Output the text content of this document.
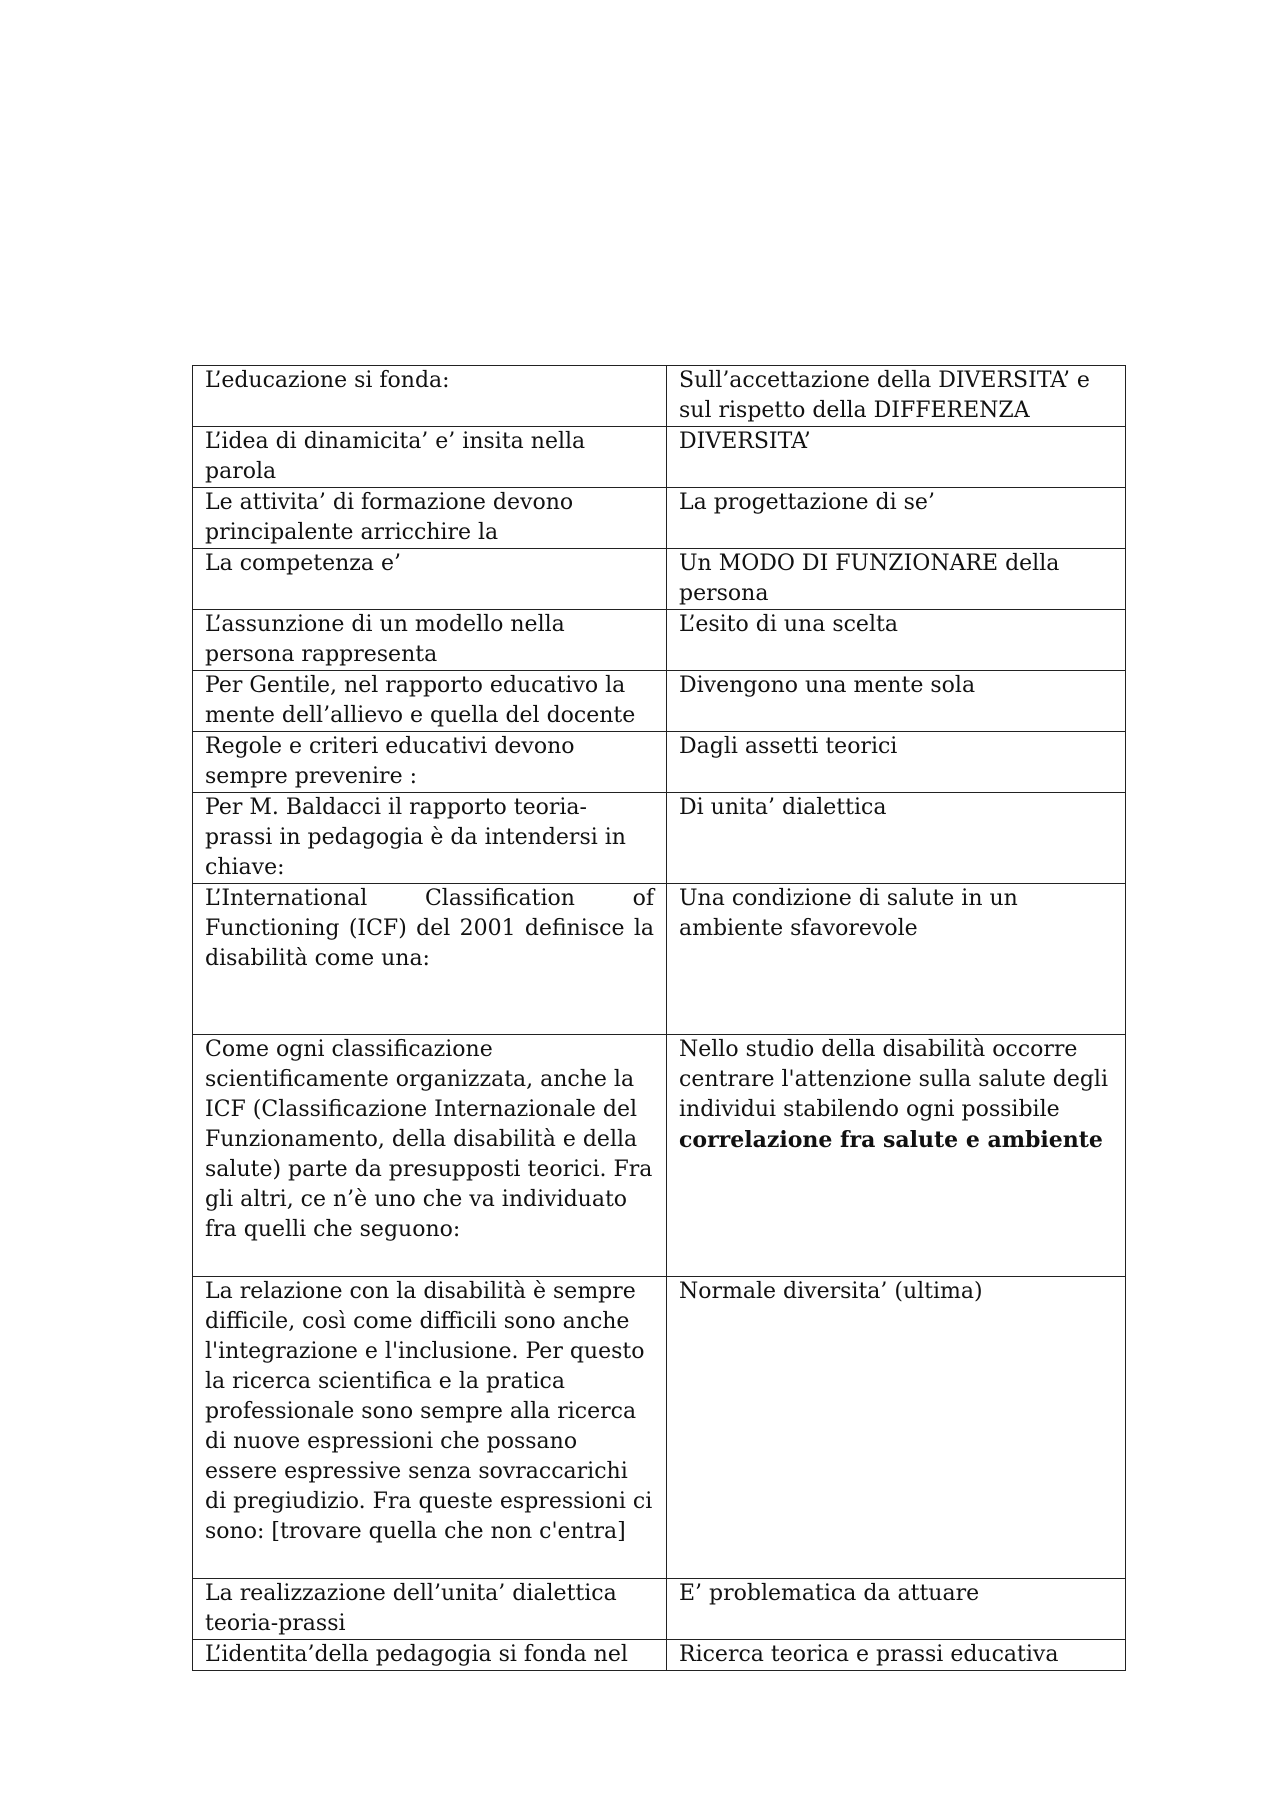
L’educazione si fonda:	Sull’accettazione della DIVERSITA’ e sul rispetto della DIFFERENZA
L’idea di dinamicita’ e’ insita nella parola	DIVERSITA’
Le attivita’ di formazione devono principalente arricchire la	La progettazione di se’
La competenza e’	Un MODO DI FUNZIONARE della persona
L’assunzione di un modello nella persona rappresenta	L’esito di una scelta
Per Gentile, nel rapporto educativo la mente dell’allievo e quella del docente	Divengono una mente sola
Regole e criteri educativi devono sempre prevenire :	Dagli assetti teorici
Per M. Baldacci il rapporto teoria-prassi in pedagogia è da intendersi in chiave:	Di unita’ dialettica
L’International Classification of Functioning (ICF) del 2001 definisce la disabilità come una:	Una condizione di salute in un ambiente sfavorevole
Come ogni classificazione scientificamente organizzata, anche la ICF (Classificazione Internazionale del Funzionamento, della disabilità e della salute) parte da presupposti teorici. Fra gli altri, ce n’è uno che va individuato fra quelli che seguono:	Nello studio della disabilità occorre centrare l'attenzione sulla salute degli individui stabilendo ogni possibile correlazione fra salute e ambiente
La relazione con la disabilità è sempre difficile, così come difficili sono anche l'integrazione e l'inclusione. Per questo la ricerca scientifica e la pratica professionale sono sempre alla ricerca di nuove espressioni che possano essere espressive senza sovraccarichi di pregiudizio. Fra queste espressioni ci sono: [trovare quella che non c'entra]	Normale diversita’ (ultima)
La realizzazione dell’unita’ dialettica teoria-prassi	E’ problematica da attuare
L’identita’della pedagogia si fonda nel	Ricerca teorica e prassi educativa
